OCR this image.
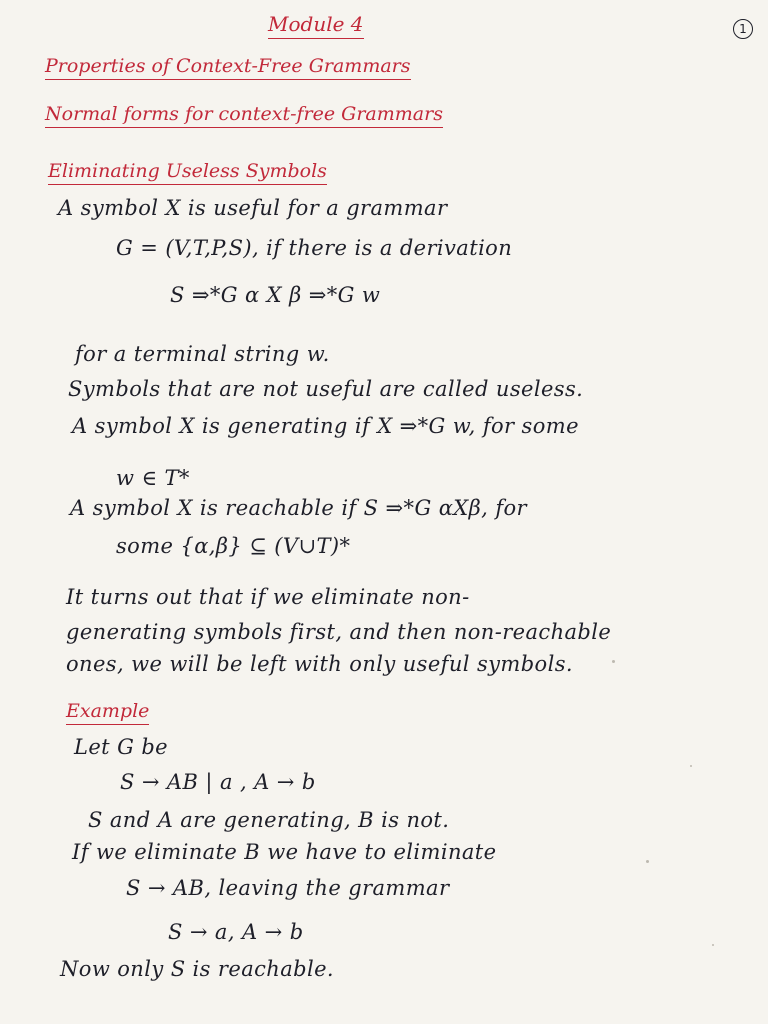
1
Module 4
Properties of Context-Free Grammars
Normal forms for context-free Grammars
Eliminating Useless Symbols
A symbol X is useful for a grammar
G = (V,T,P,S), if there is a derivation
S ⇒*G α X β ⇒*G w
for a terminal string w.
Symbols that are not useful are called useless.
A symbol X is generating if X ⇒*G w, for some
w ∈ T*
A symbol X is reachable if S ⇒*G αXβ, for
some {α,β} ⊆ (V∪T)*
It turns out that if we eliminate non-
generating symbols first, and then non-reachable
ones, we will be left with only useful symbols.
Example
Let G be
S → AB | a , A → b
S and A are generating, B is not.
If we eliminate B we have to eliminate
S → AB, leaving the grammar
S → a, A → b
Now only S is reachable.
